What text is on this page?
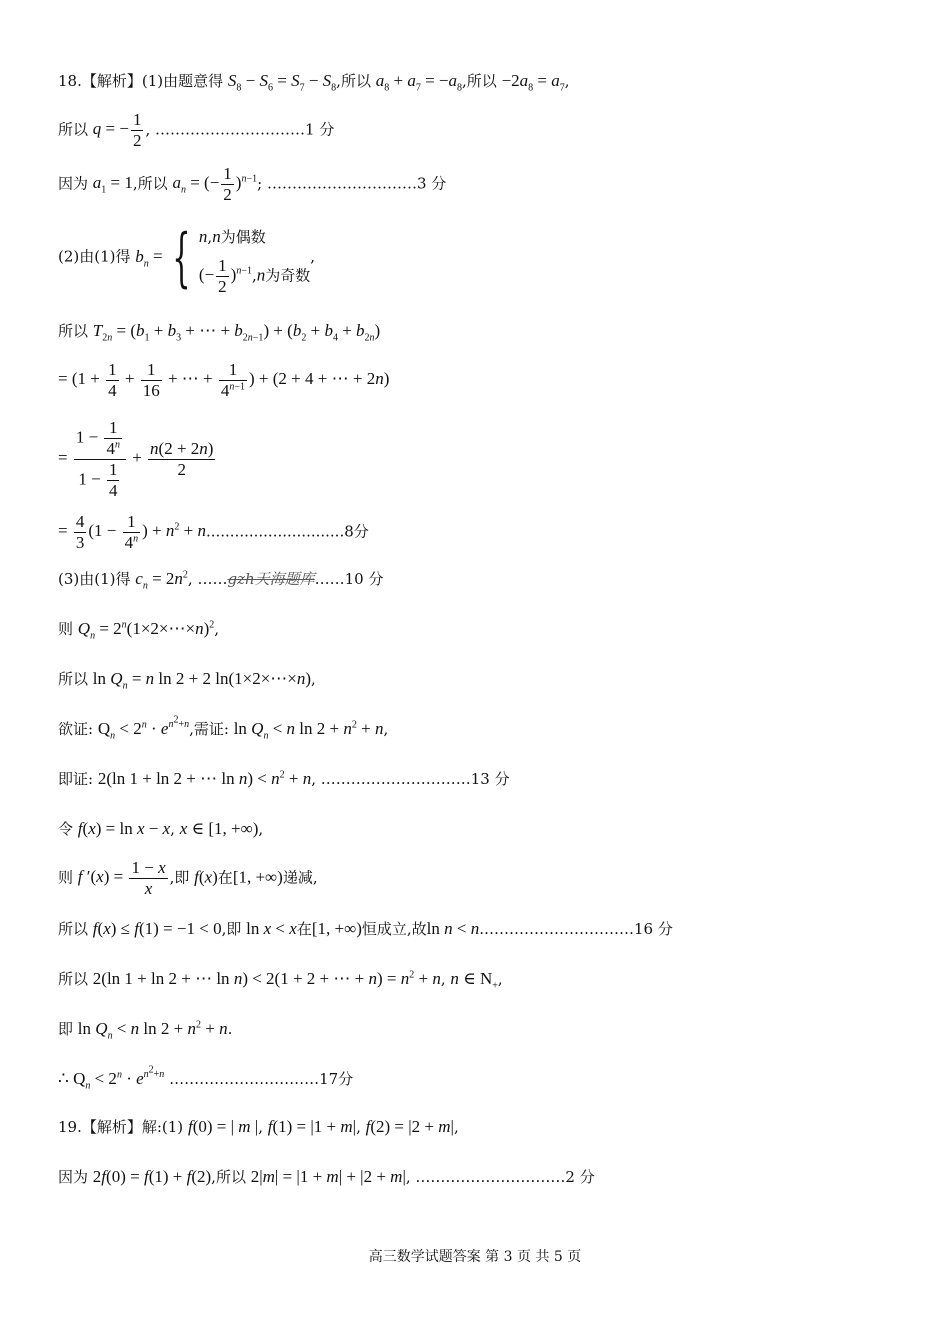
18.【解析】(1)由题意得 $S_8 - S_6 = S_7 - S_8$,所以 $a_8 + a_7 = -a_8$,所以 $-2a_8 = a_7$,
所以 q = − $\frac{1}{2}$ , …………………………1 分
因为 $a_1 = 1$,所以 $a_n$ = (− $\frac{1}{2} )^{n-1}$; …………………………3 分
(2)由(1)得 $b_n$ = { n,n为偶数
(− $\frac{1}{2} )^{n-1},n$为奇数
,
所以 $T_{2n} = (b_1 + b_3$ + ⋯ + $b_{2n-1}) + (b_2 + b_4 + b_{2n})$
= ($1 + \frac{1}{4} + \frac{1}{16}$ + ⋯ + $\frac{1}{4^{n-1}}$ ) + (2 + 4 + ⋯ + 2n)
= $\frac{1 - \frac{1}{4^n}}{1 - \frac{1}{4}} + \frac{n(2 + 2n)}{2}$
= $\frac{4}{3} (1 - \frac{1}{4^n}$ ) + $n^2 + n.............................8$分
(3)由(1)得 $c_n = 2n^2$, ……gzh天海题库……10 分
则 $Q_n$ = $2^n(1\times 2\times\cdots\times n)^2$,
所以 $\ln Q_n = n$ ln 2 + 2 ln(1×2×⋯×n),
欲证: $Q_n < 2^n \cdot e^{n^2+n}$,需证: $\ln Q_n < n$ $\ln 2 + n^2 + n$,
即证: 2(ln 1 + ln 2 + ⋯ $\ln n) < n^2 + n$, …………………………13 分
令 f(x) = ln x − x, x ∈ [1, +∞),
则 f $'(x) = \frac{1 - x}{x}$ ,即 f(x)在[1, +∞)递减,
所以 f(x) ≤ f(1) = −1 < 0,即 ln x < x在[1, +∞)恒成立,故ln n < n.…………………………16 分
所以 2(ln 1 + ln 2 + ⋯ ln n) < 2(1 + 2 + ⋯ + $n) = n^2 + n$, n ∈ $N_+$,
即 $\ln Q_n < n$ $\ln 2 + n^2 + n$.
∴ $Q_n < 2^n \cdot e^{n^2+n}$ …………………………17分
19.【解析】解:(1) f(0) = | m |, f(1) = |1 + m|, f(2) = |2 + m|,
因为 2f(0) = f(1) + f(2),所以 2|m| = |1 + m| + |2 + m|, …………………………2 分
高三数学试题答案 第 3 页 共 5 页
